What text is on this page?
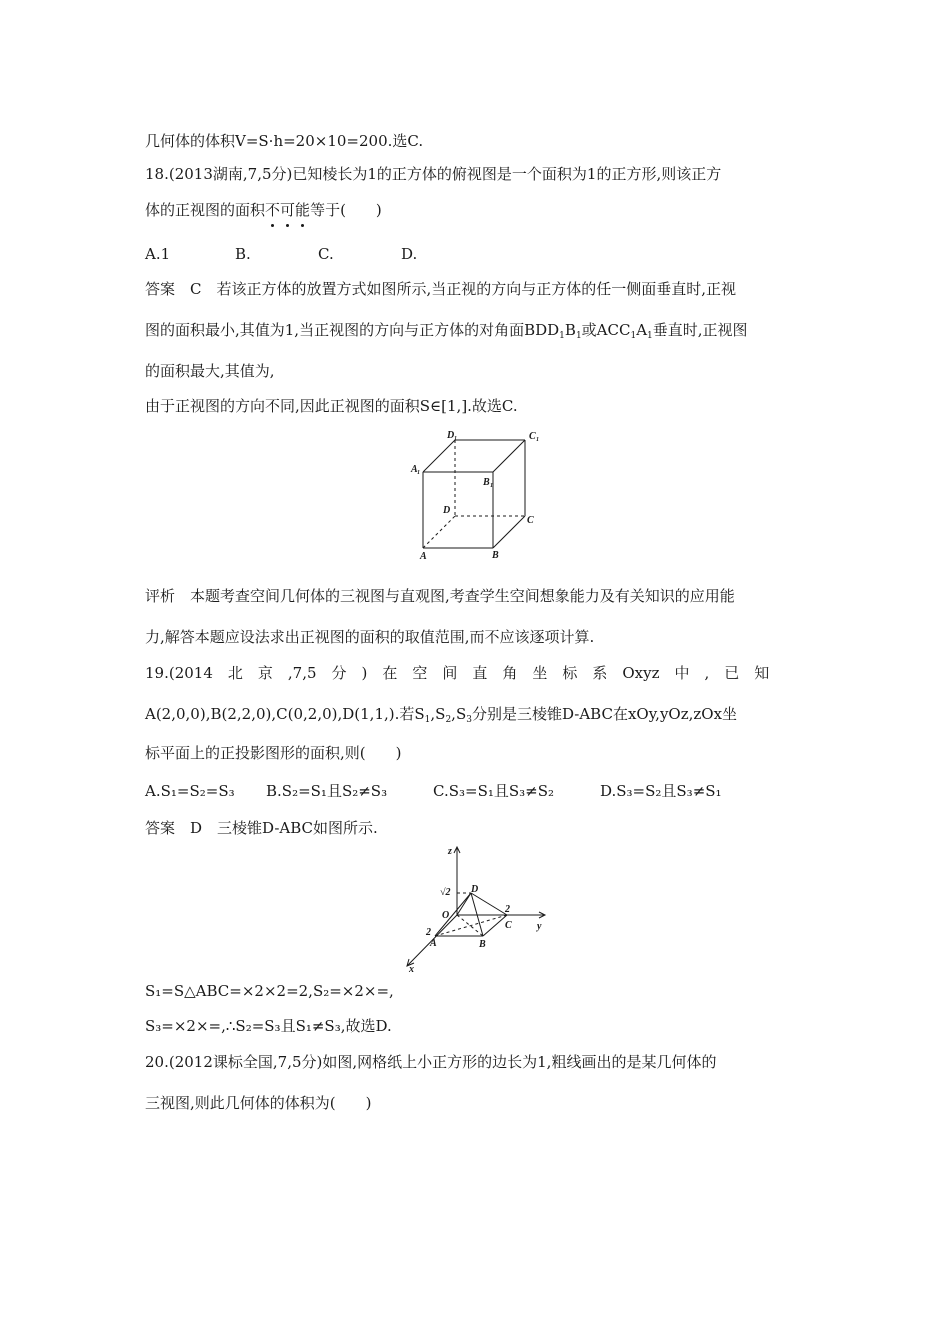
几何体的体积V=S·h=20×10=200.选C.
18.(2013湖南,7,5分)已知棱长为1的正方体的俯视图是一个面积为1的正方形,则该正方
体的正视图的面积不可能等于(　　)
A.1	B.	C.	D.
答案　C　若该正方体的放置方式如图所示,当正视的方向与正方体的任一侧面垂直时,正视
图的面积最小,其值为1,当正视图的方向与正方体的对角面$BDD_1B_1$或$ACC_1A_1$垂直时,正视图
的面积最大,其值为,
由于正视图的方向不同,因此正视图的面积S∈[1,].故选C.
D 1	C 1
A 1
B 1
D
C
A	B
评析　本题考查空间几何体的三视图与直观图,考查学生空间想象能力及有关知识的应用能
力,解答本题应设法求出正视图的面积的取值范围,而不应该逐项计算.
19.(2014　北　京　,7,5　分　)　在　空　间　直　角　坐　标　系　Oxyz　中　,　已　知
A(2,0,0),B(2,2,0),C(0,2,0),D(1,1,).若$S_1,S_2,S_3$分别是三棱锥D-ABC在xOy,yOz,zOx坐
标平面上的正投影图形的面积,则(　　)
A.S₁=S₂=S₃ B.S₂=S₁且S₂≠S₃	C.S₃=S₁且S₃≠S₂	D.S₃=S₂且S₃≠S₁
答案　D　三棱锥D-ABC如图所示.
z
y
x
D
O
C
A	B
2
2
√2
S₁=S△ABC=×2×2=2,S₂=×2×=,
S₃=×2×=,∴S₂=S₃且S₁≠S₃,故选D.
20.(2012课标全国,7,5分)如图,网格纸上小正方形的边长为1,粗线画出的是某几何体的
三视图,则此几何体的体积为(　　)
